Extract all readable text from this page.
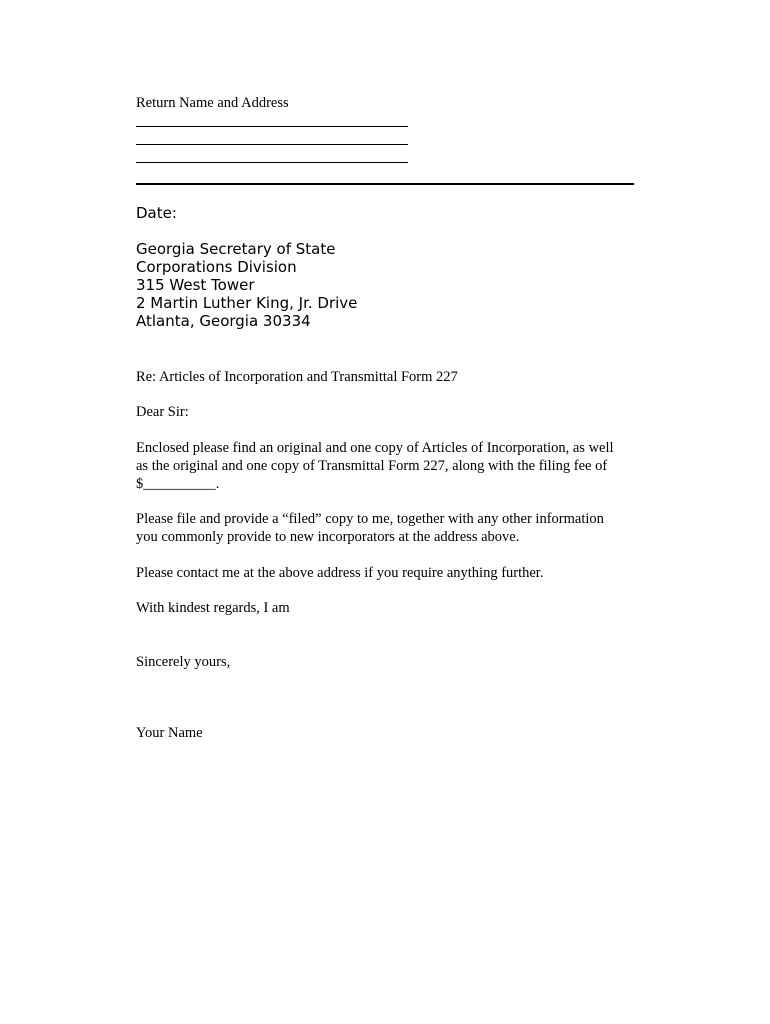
Return Name and Address
Date:
Georgia Secretary of State
Corporations Division
315 West Tower
2 Martin Luther King, Jr. Drive
Atlanta, Georgia 30334
Re: Articles of Incorporation and Transmittal Form 227
Dear Sir:
Enclosed please find an original and one copy of Articles of Incorporation, as well
as the original and one copy of Transmittal Form 227, along with the filing fee of
$__________.
Please file and provide a “filed” copy to me, together with any other information
you commonly provide to new incorporators at the address above.
Please contact me at the above address if you require anything further.
With kindest regards, I am
Sincerely yours,
Your Name
